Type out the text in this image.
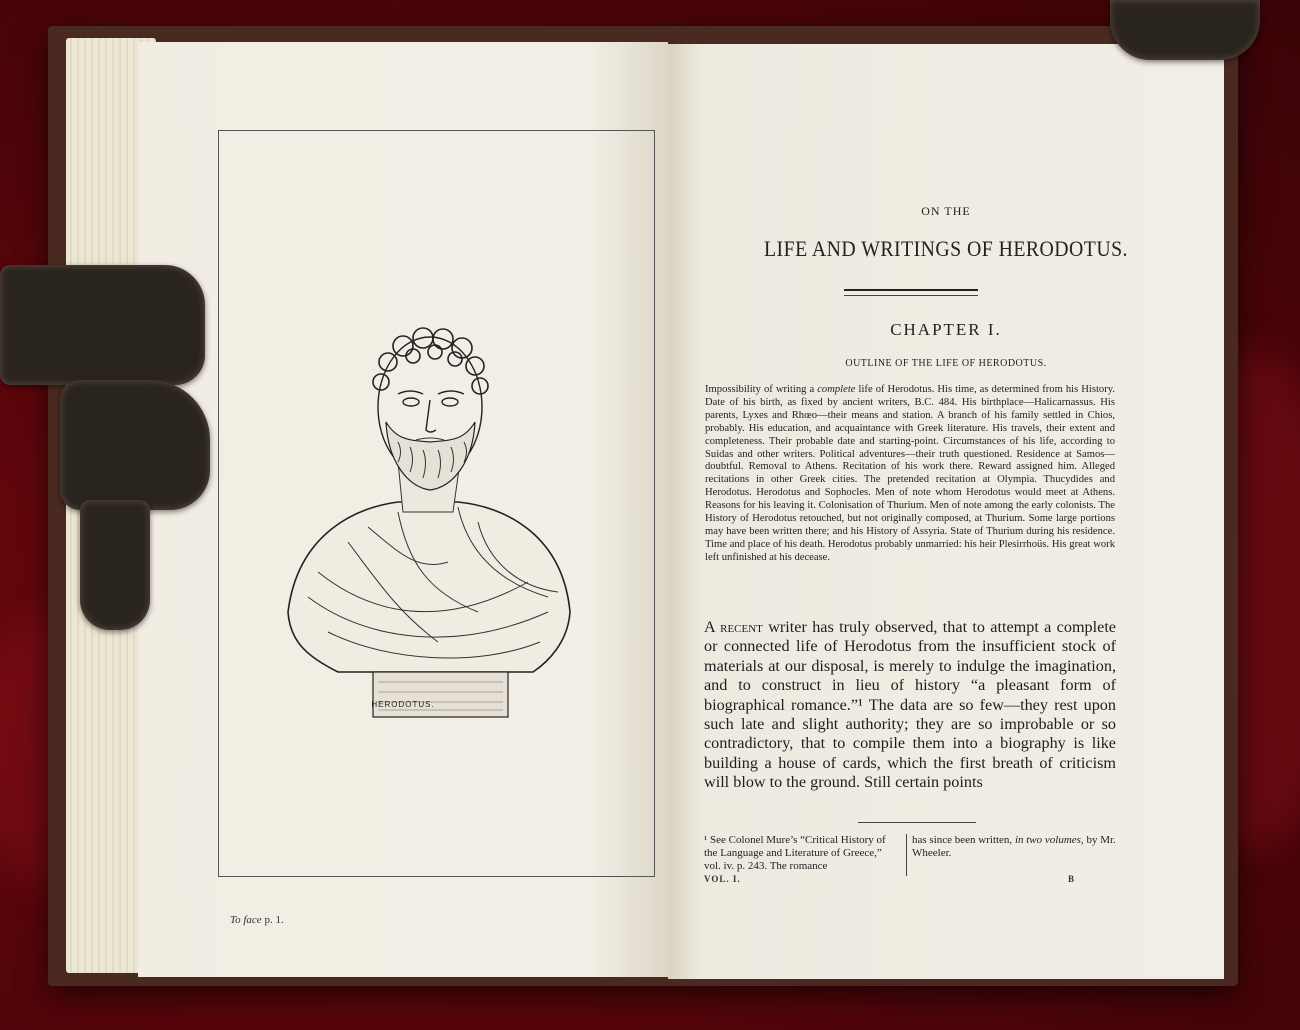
HERODOTUS.
To face p. 1.
ON THE
LIFE AND WRITINGS OF HERODOTUS.
CHAPTER I.
OUTLINE OF THE LIFE OF HERODOTUS.
Impossibility of writing a complete life of Herodotus. His time, as determined from his History. Date of his birth, as fixed by ancient writers, B.C. 484. His birthplace—Halicarnassus. His parents, Lyxes and Rhœo—their means and station. A branch of his family settled in Chios, probably. His education, and acquaintance with Greek literature. His travels, their extent and completeness. Their probable date and starting-point. Circumstances of his life, according to Suidas and other writers. Political adventures—their truth questioned. Residence at Samos—doubtful. Removal to Athens. Recitation of his work there. Reward assigned him. Alleged recitations in other Greek cities. The pretended recitation at Olympia. Thucydides and Herodotus. Herodotus and Sophocles. Men of note whom Herodotus would meet at Athens. Reasons for his leaving it. Colonisation of Thurium. Men of note among the early colonists. The History of Herodotus retouched, but not originally composed, at Thurium. Some large portions may have been written there; and his History of Assyria. State of Thurium during his residence. Time and place of his death. Herodotus probably unmarried: his heir Plesirrhoüs. His great work left unfinished at his decease.
A recent writer has truly observed, that to attempt a complete or connected life of Herodotus from the insufficient stock of materials at our disposal, is merely to indulge the imagination, and to construct in lieu of history “a pleasant form of biographical romance.”¹ The data are so few—they rest upon such late and slight authority; they are so improbable or so contradictory, that to compile them into a biography is like building a house of cards, which the first breath of criticism will blow to the ground. Still certain points
¹ See Colonel Mure’s “Critical History of the Language and Literature of Greece,” vol. iv. p. 243. The romance
has since been written, in two volumes, by Mr. Wheeler.
VOL. I.	B
